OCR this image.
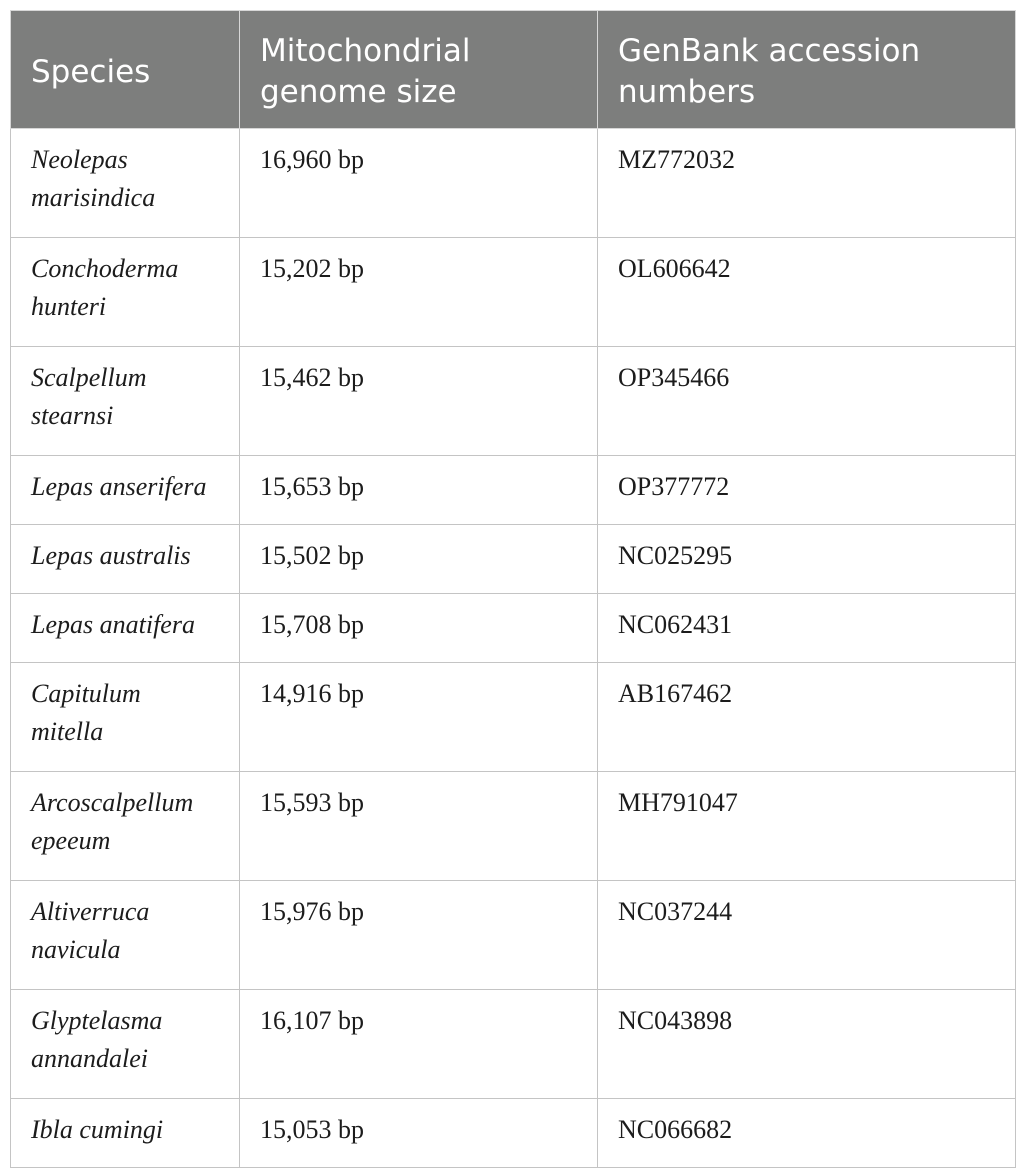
Species	Mitochondrial genome size	GenBank accession numbers

Neolepas
marisindica	16,960 bp	MZ772032

Conchoderma
hunteri	15,202 bp	OL606642

Scalpellum
stearnsi	15,462 bp	OP345466

Lepas anserifera	15,653 bp	OP377772

Lepas australis	15,502 bp	NC025295

Lepas anatifera	15,708 bp	NC062431

Capitulum
mitella	14,916 bp	AB167462

Arcoscalpellum
epeeum	15,593 bp	MH791047

Altiverruca
navicula	15,976 bp	NC037244

Glyptelasma
annandalei	16,107 bp	NC043898

Ibla cumingi	15,053 bp	NC066682
